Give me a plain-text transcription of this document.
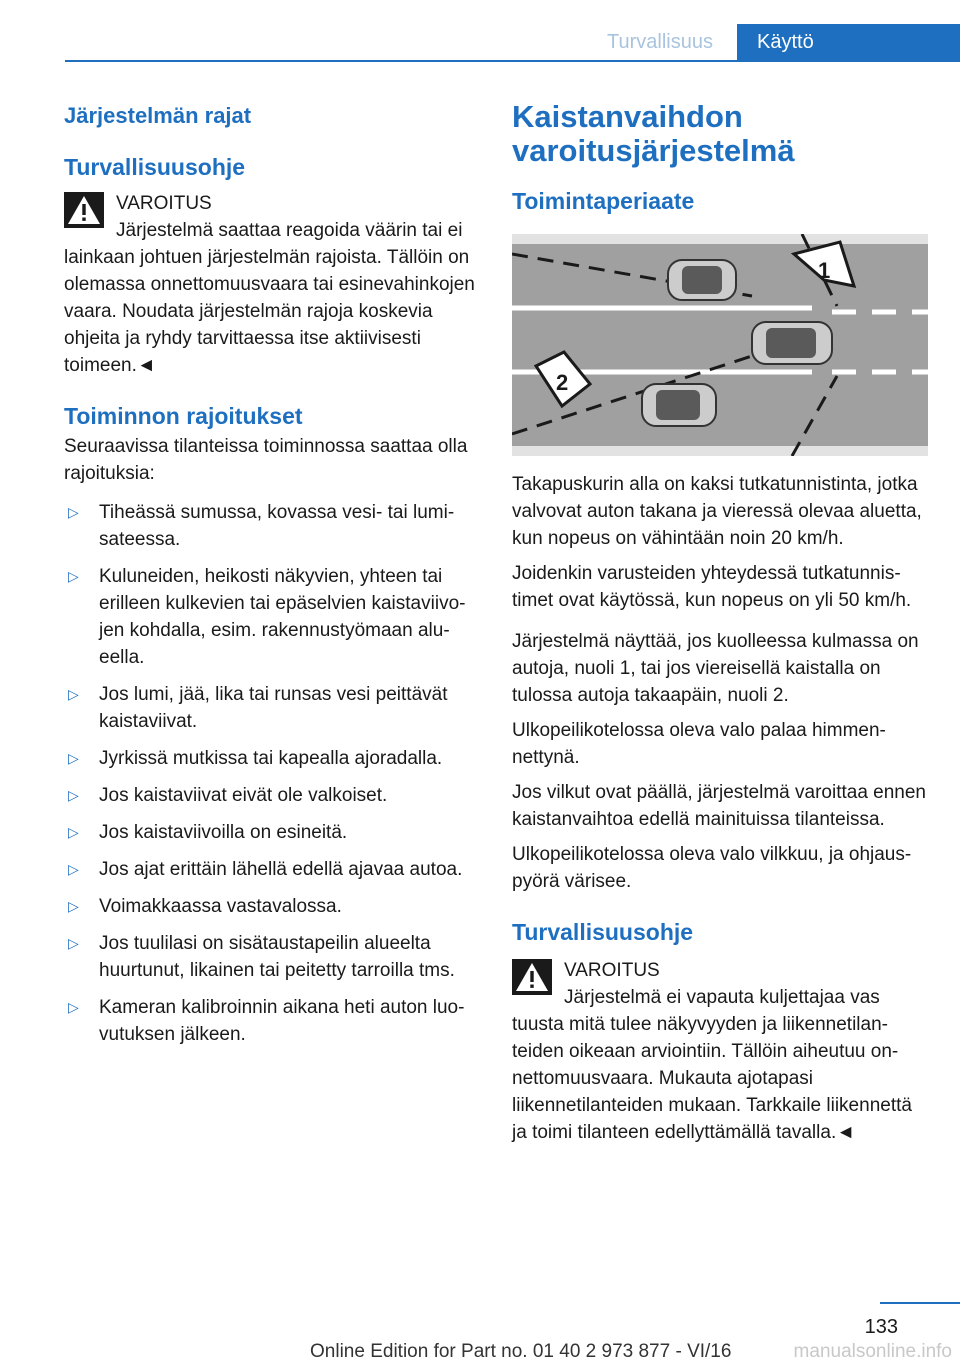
Turvallisuus	Käyttö
Järjestelmän rajat
Turvallisuusohje

VAROITUS

Järjestelmä saattaa reagoida väärin tai ei

lainkaan johtuen järjestelmän rajoista. Tällöin on olemassa onnettomuusvaara tai esinevahinkojen vaara. Noudata järjestelmän rajoja koskevia ohjeita ja ryhdy tarvittaessa itse aktiivisesti toimeen.◄

Toiminnon rajoitukset

Seuraavissa tilanteissa toiminnossa saattaa olla rajoituksia:

▷ Tiheässä sumussa, kovassa vesi- tai lumisateessa.
▷ Kuluneiden, heikosti näkyvien, yhteen tai erilleen kulkevien tai epäselvien kaistaviivojen kohdalla, esim. rakennustyömaan alueella.
▷ Jos lumi, jää, lika tai runsas vesi peittävät kaistaviivat.
▷ Jyrkissä mutkissa tai kapealla ajoradalla.
▷ Jos kaistaviivat eivät ole valkoiset.
▷ Jos kaistaviivoilla on esineitä.
▷ Jos ajat erittäin lähellä edellä ajavaa autoa.
▷ Voimakkaassa vastavalossa.
▷ Jos tuulilasi on sisätaustapeilin alueelta huurtunut, likainen tai peitetty tarroilla tms.
▷ Kameran kalibroinnin aikana heti auton luovutuksen jälkeen.
Kaistanvaihdon varoitusjärjestelmä
Toimintaperiaate
1
2

Takapuskurin alla on kaksi tutkatunnistinta, jotka valvovat auton takana ja vieressä olevaa aluetta, kun nopeus on vähintään noin 20 km/h.

Joidenkin varusteiden yhteydessä tutkatunnistimet ovat käytössä, kun nopeus on yli 50 km/h.

Järjestelmä näyttää, jos kuolleessa kulmassa on autoja, nuoli 1, tai jos viereisellä kaistalla on tulossa autoja takaapäin, nuoli 2.

Ulkopeilikotelossa oleva valo palaa himmennettynä.

Jos vilkut ovat päällä, järjestelmä varoittaa ennen kaistanvaihtoa edellä mainituissa tilanteissa.

Ulkopeilikotelossa oleva valo vilkkuu, ja ohjauspyörä värisee.

Turvallisuusohje

VAROITUS

Järjestelmä ei vapauta kuljettajaa vas

tuusta mitä tulee näkyvyyden ja liikennetilanteiden oikeaan arviointiin. Tällöin aiheutuu onnettomuusvaara. Mukauta ajotapasi liikennetilanteiden mukaan. Tarkkaile liikennettä ja toimi tilanteen edellyttämällä tavalla.◄

133
Online Edition for Part no. 01 40 2 973 877 - VI/16	manualsonline.info
